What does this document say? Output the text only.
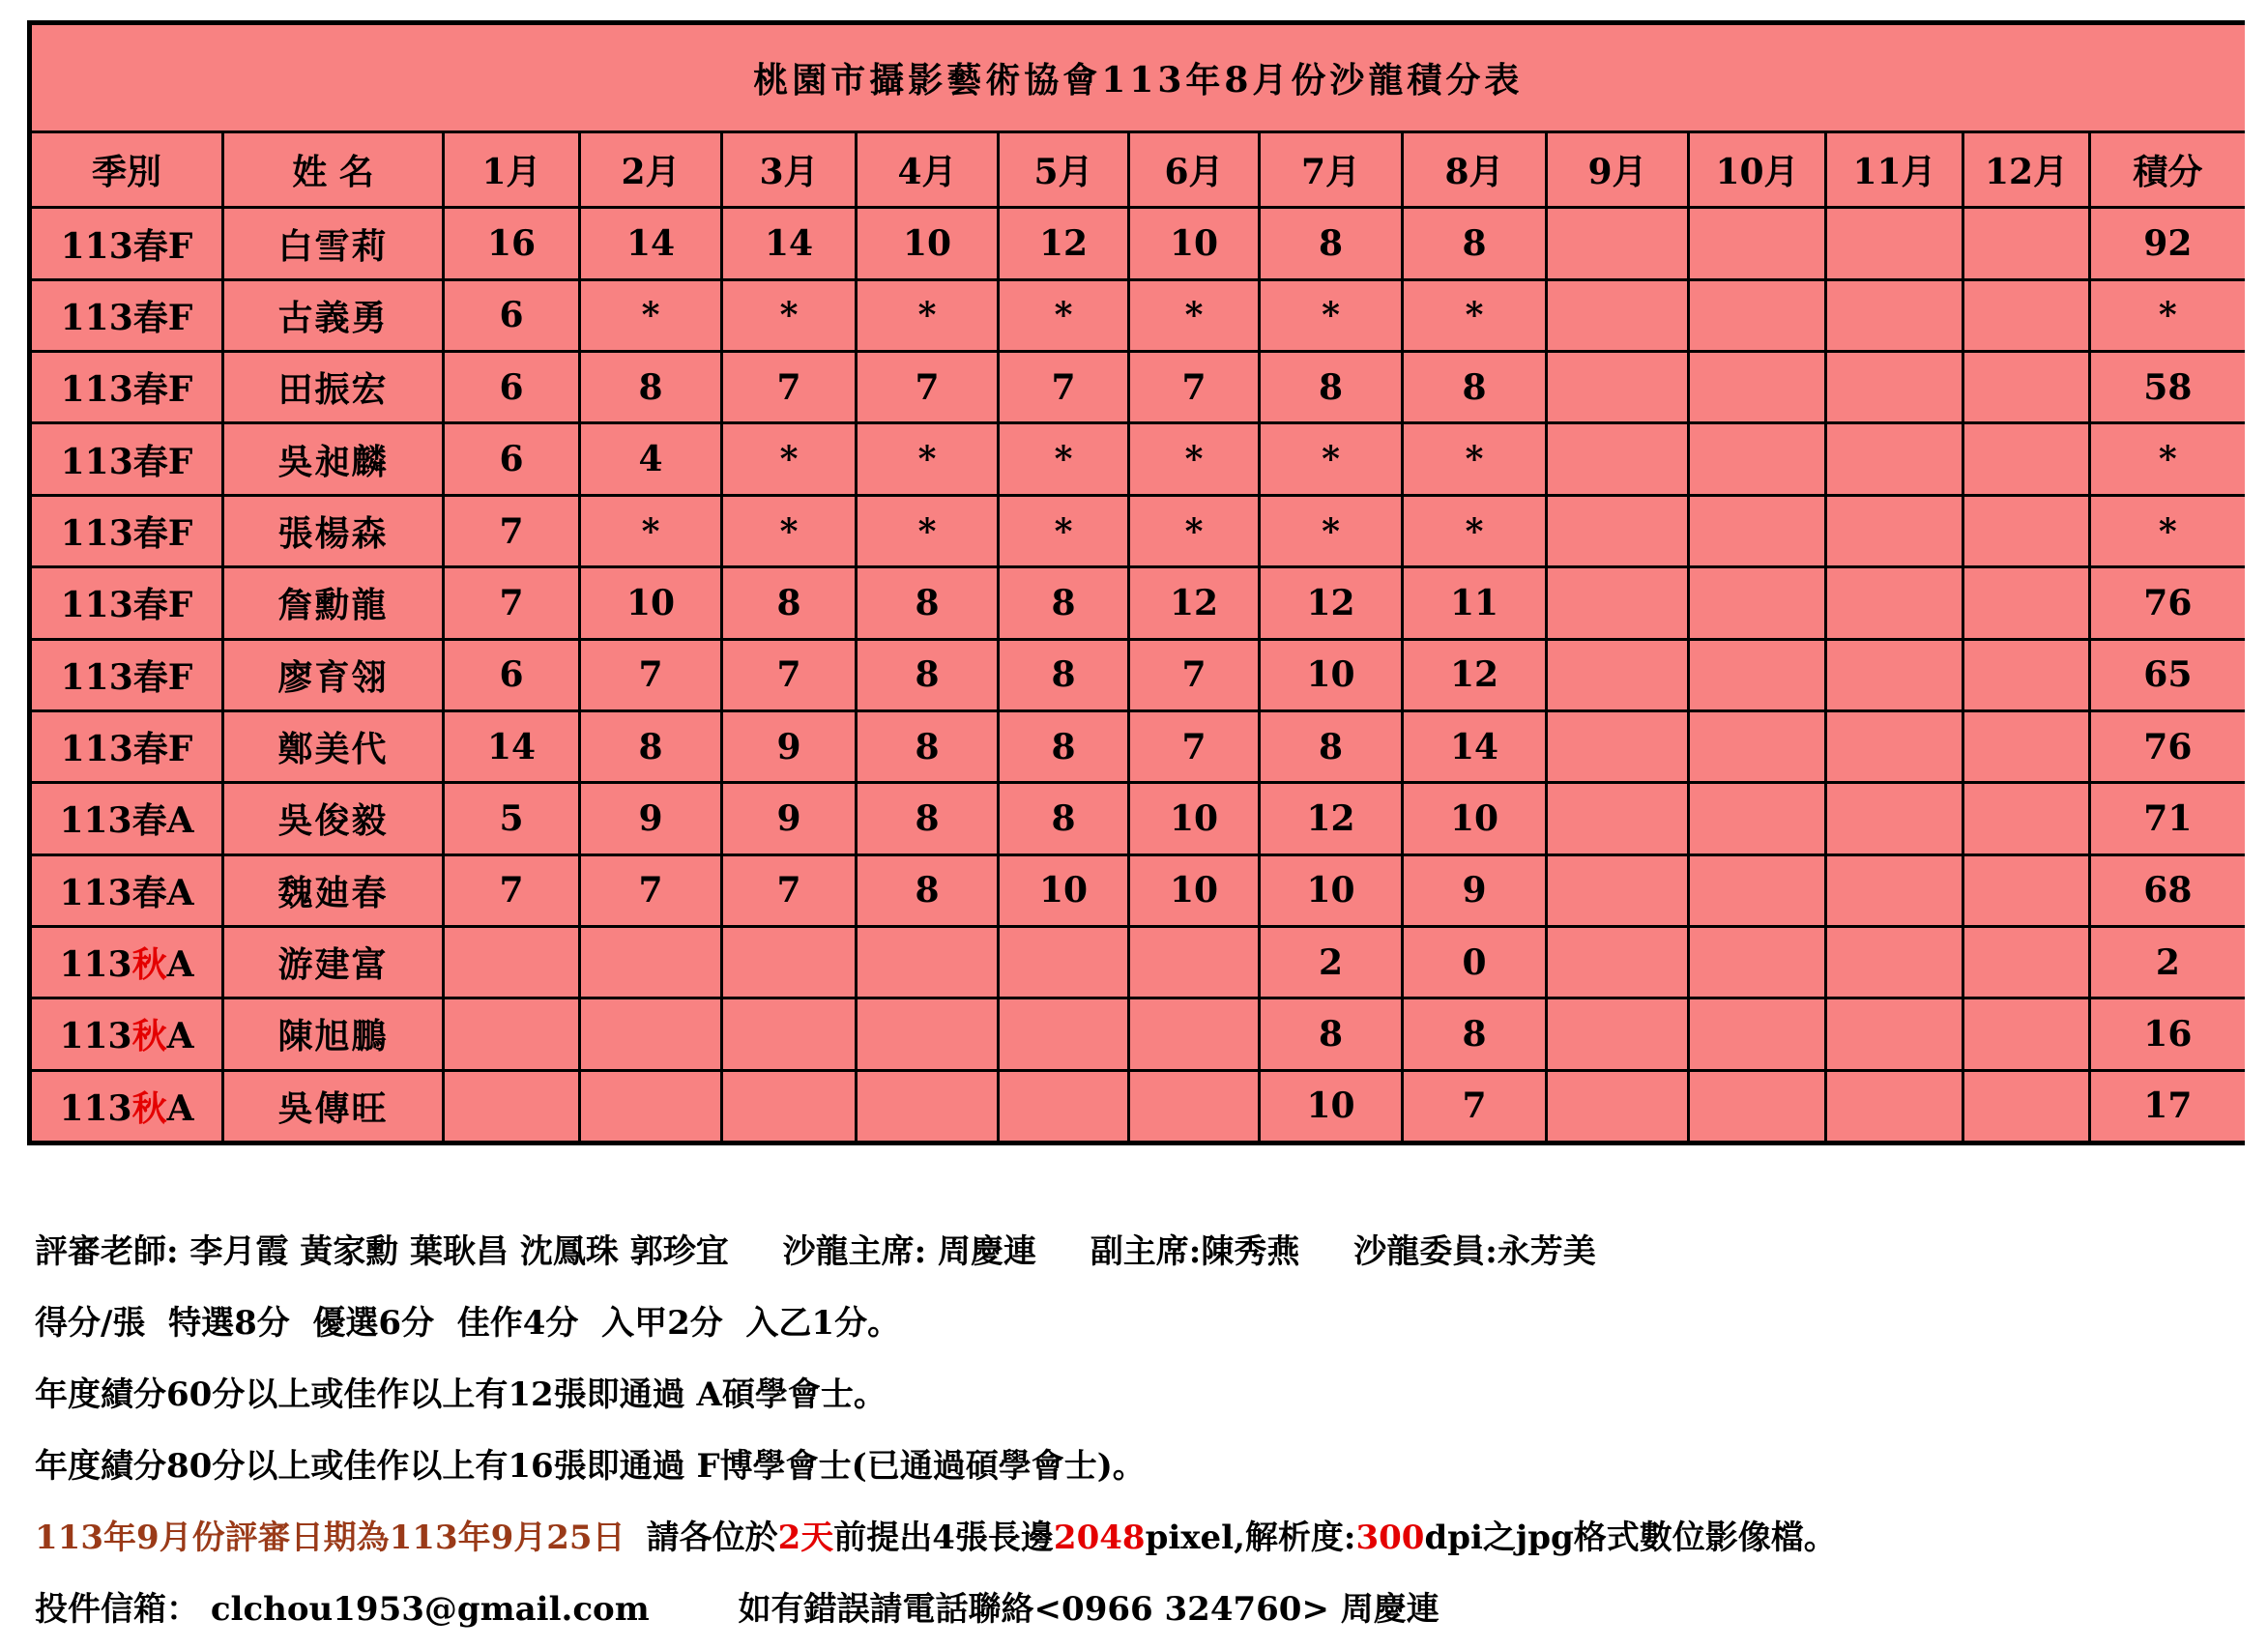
桃園市攝影藝術協會113年8月份沙龍積分表														
季別	姓 名	1月	2月	3月	4月	5月	6月	7月	8月	9月	10月	11月	12月	積分
113春F	白雪莉	16	14	14	10	12	10	8	8					92
113春F	古義勇	6	*	*	*	*	*	*	*					*
113春F	田振宏	6	8	7	7	7	7	8	8					58
113春F	吳昶麟	6	4	*	*	*	*	*	*					*
113春F	張楊森	7	*	*	*	*	*	*	*					*
113春F	詹勳龍	7	10	8	8	8	12	12	11					76
113春F	廖育翎	6	7	7	8	8	7	10	12					65
113春F	鄭美代	14	8	9	8	8	7	8	14					76
113春A	吳俊毅	5	9	9	8	8	10	12	10					71
113春A	魏廸春	7	7	7	8	10	10	10	9					68
113秋A	游建富							2	0					2
113秋A	陳旭鵬							8	8					16
113秋A	吳傳旺							10	7					17
評審老師: 李月霞 黃家勳 葉耿昌 沈鳳珠 郭珍宜 沙龍主席: 周慶連 副主席:陳秀燕 沙龍委員:永芳美
得分/張  特選8分  優選6分  佳作4分  入甲2分  入乙1分。
年度績分60分以上或佳作以上有12張即通過 A碩學會士。
年度績分80分以上或佳作以上有16張即通過 F博學會士(已通過碩學會士)。
113年9月份評審日期為113年9月25日 請各位於2天前提出4張長邊2048pixel,解析度:300dpi之jpg格式數位影像檔。
投件信箱： clchou1953@gmail.com	如有錯誤請電話聯絡<0966 324760> 周慶連
